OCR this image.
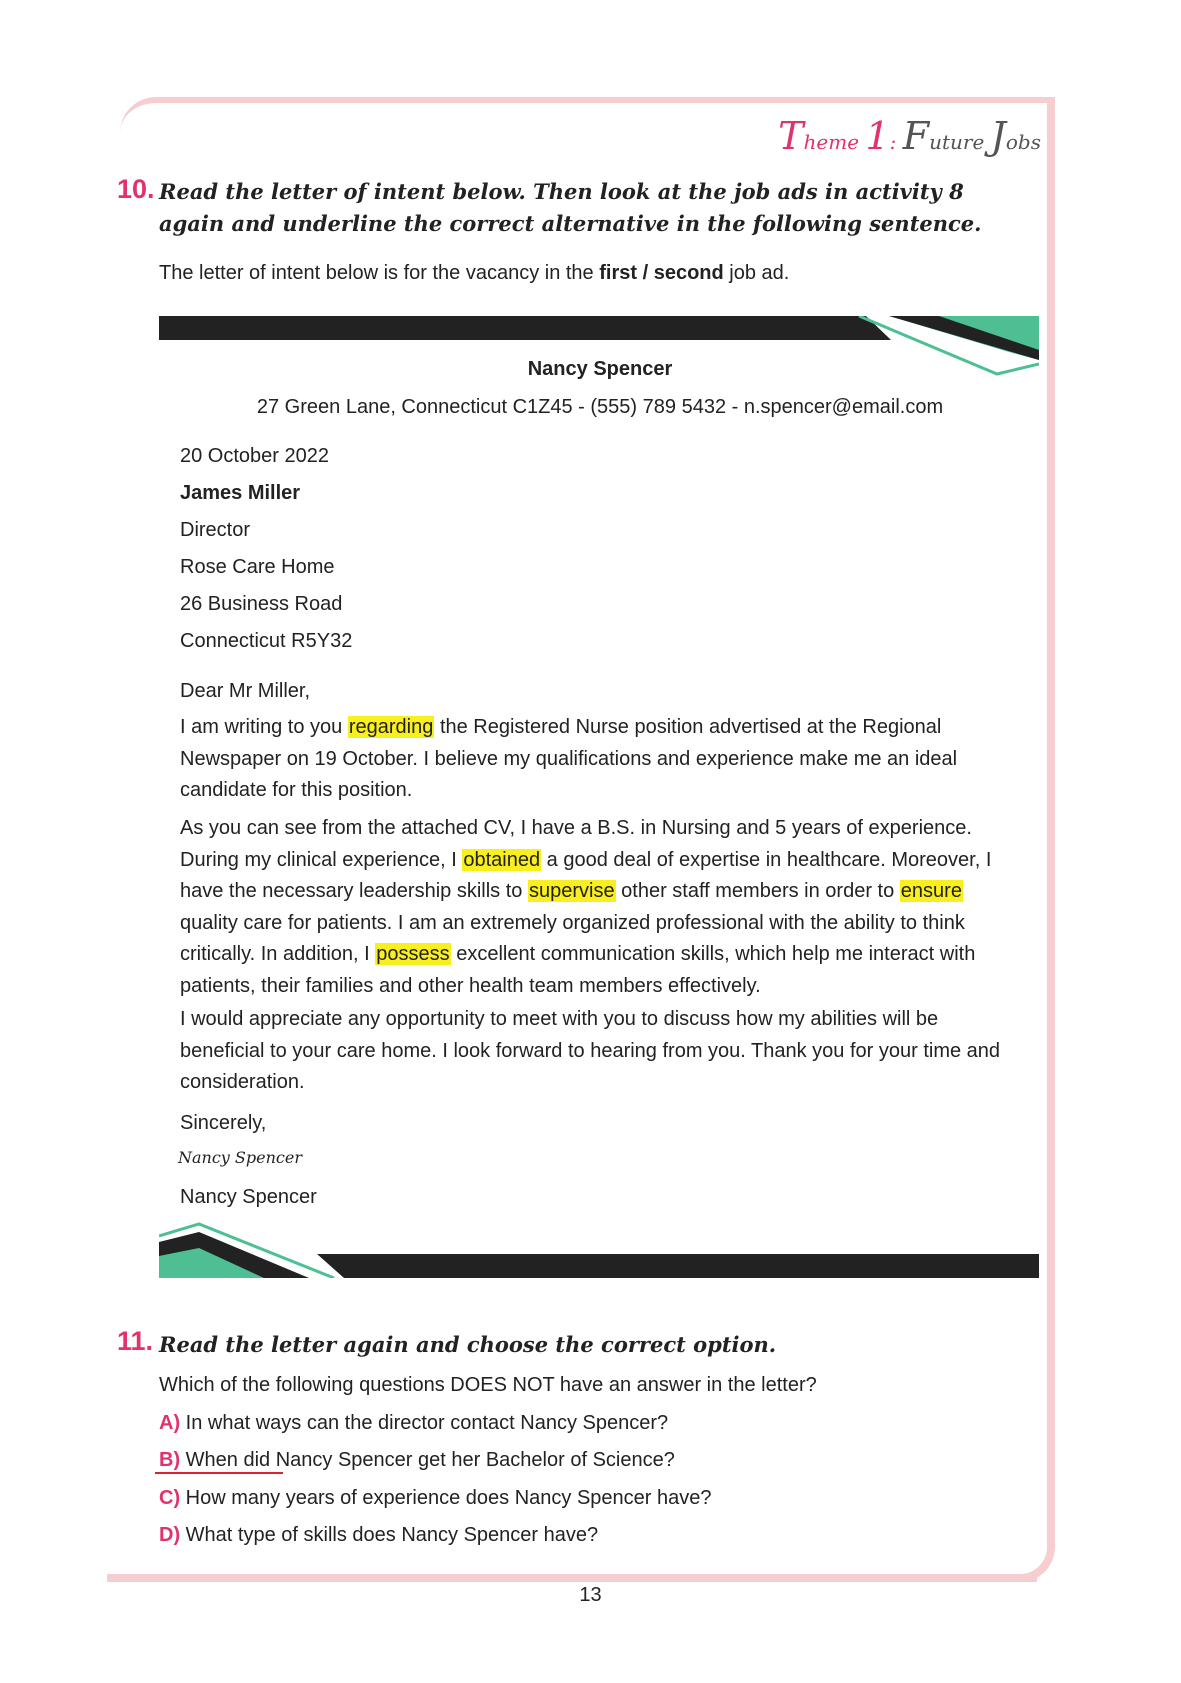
Theme 1: Future Jobs
10. Read the letter of intent below. Then look at the job ads in activity 8 again and underline the correct alternative in the following sentence.
The letter of intent below is for the vacancy in the first / second job ad.
Nancy Spencer
27 Green Lane, Connecticut C1Z45 - (555) 789 5432 - n.spencer@email.com
20 October 2022
James Miller
Director
Rose Care Home
26 Business Road
Connecticut R5Y32
Dear Mr Miller,
I am writing to you regarding the Registered Nurse position advertised at the Regional Newspaper on 19 October. I believe my qualifications and experience make me an ideal candidate for this position.
As you can see from the attached CV, I have a B.S. in Nursing and 5 years of experience. During my clinical experience, I obtained a good deal of expertise in healthcare. Moreover, I have the necessary leadership skills to supervise other staff members in order to ensure quality care for patients. I am an extremely organized professional with the ability to think critically. In addition, I possess excellent communication skills, which help me interact with patients, their families and other health team members effectively.
I would appreciate any opportunity to meet with you to discuss how my abilities will be beneficial to your care home. I look forward to hearing from you. Thank you for your time and consideration.
Sincerely,
Nancy Spencer
Nancy Spencer
11. Read the letter again and choose the correct option.
Which of the following questions DOES NOT have an answer in the letter?
A) In what ways can the director contact Nancy Spencer?
B) When did Nancy Spencer get her Bachelor of Science?
C) How many years of experience does Nancy Spencer have?
D) What type of skills does Nancy Spencer have?
13
